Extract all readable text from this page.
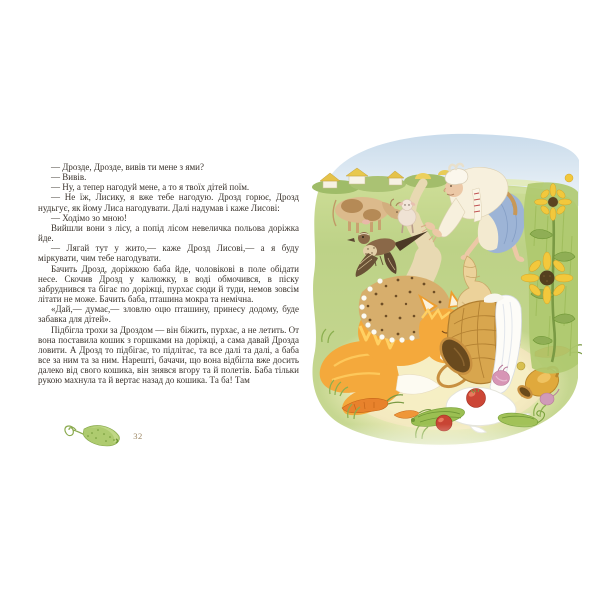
— Дрозде, Дрозде, вивів ти мене з ями?

— Вивів.

— Ну, а тепер нагодуй мене, а то я твоїх дітей поїм.

— Не їж, Лисику, я вже тебе нагодую. Дрозд горює, Дрозд нудьгує, як йому Лиса нагодувати. Далі надумав і каже Лисові:

— Ходімо зо мною!

Вийшли вони з лісу, а попід лісом невеличка польова доріжка йде.

— Лягай тут у жито,— каже Дрозд Лисові,— а я буду міркувати, чим тебе нагодувати.

Бачить Дрозд, доріжкою баба йде, чоловікові в поле обідати несе. Скочив Дрозд у калюжку, в воді обмочився, в піску забруднився та бігає по доріжці, пурхає сюди й туди, немов зовсім літати не може. Бачить баба, пташина мокра та немічна.

«Дай,— думає,— зловлю оцю пташину, принесу додому, буде забавка для дітей».

Підбігла трохи за Дроздом — він біжить, пурхає, а не летить. От вона поставила кошик з горшками на доріжці, а сама давай Дрозда ловити. А Дрозд то підбігає, то підлітає, та все далі та далі, а баба все за ним та за ним. Нарешті, бачачи, що вона відбігла вже досить далеко від свого кошика, він знявся вгору та й полетів. Баба тільки рукою махнула та й вертає назад до кошика. Та ба! Там

32
